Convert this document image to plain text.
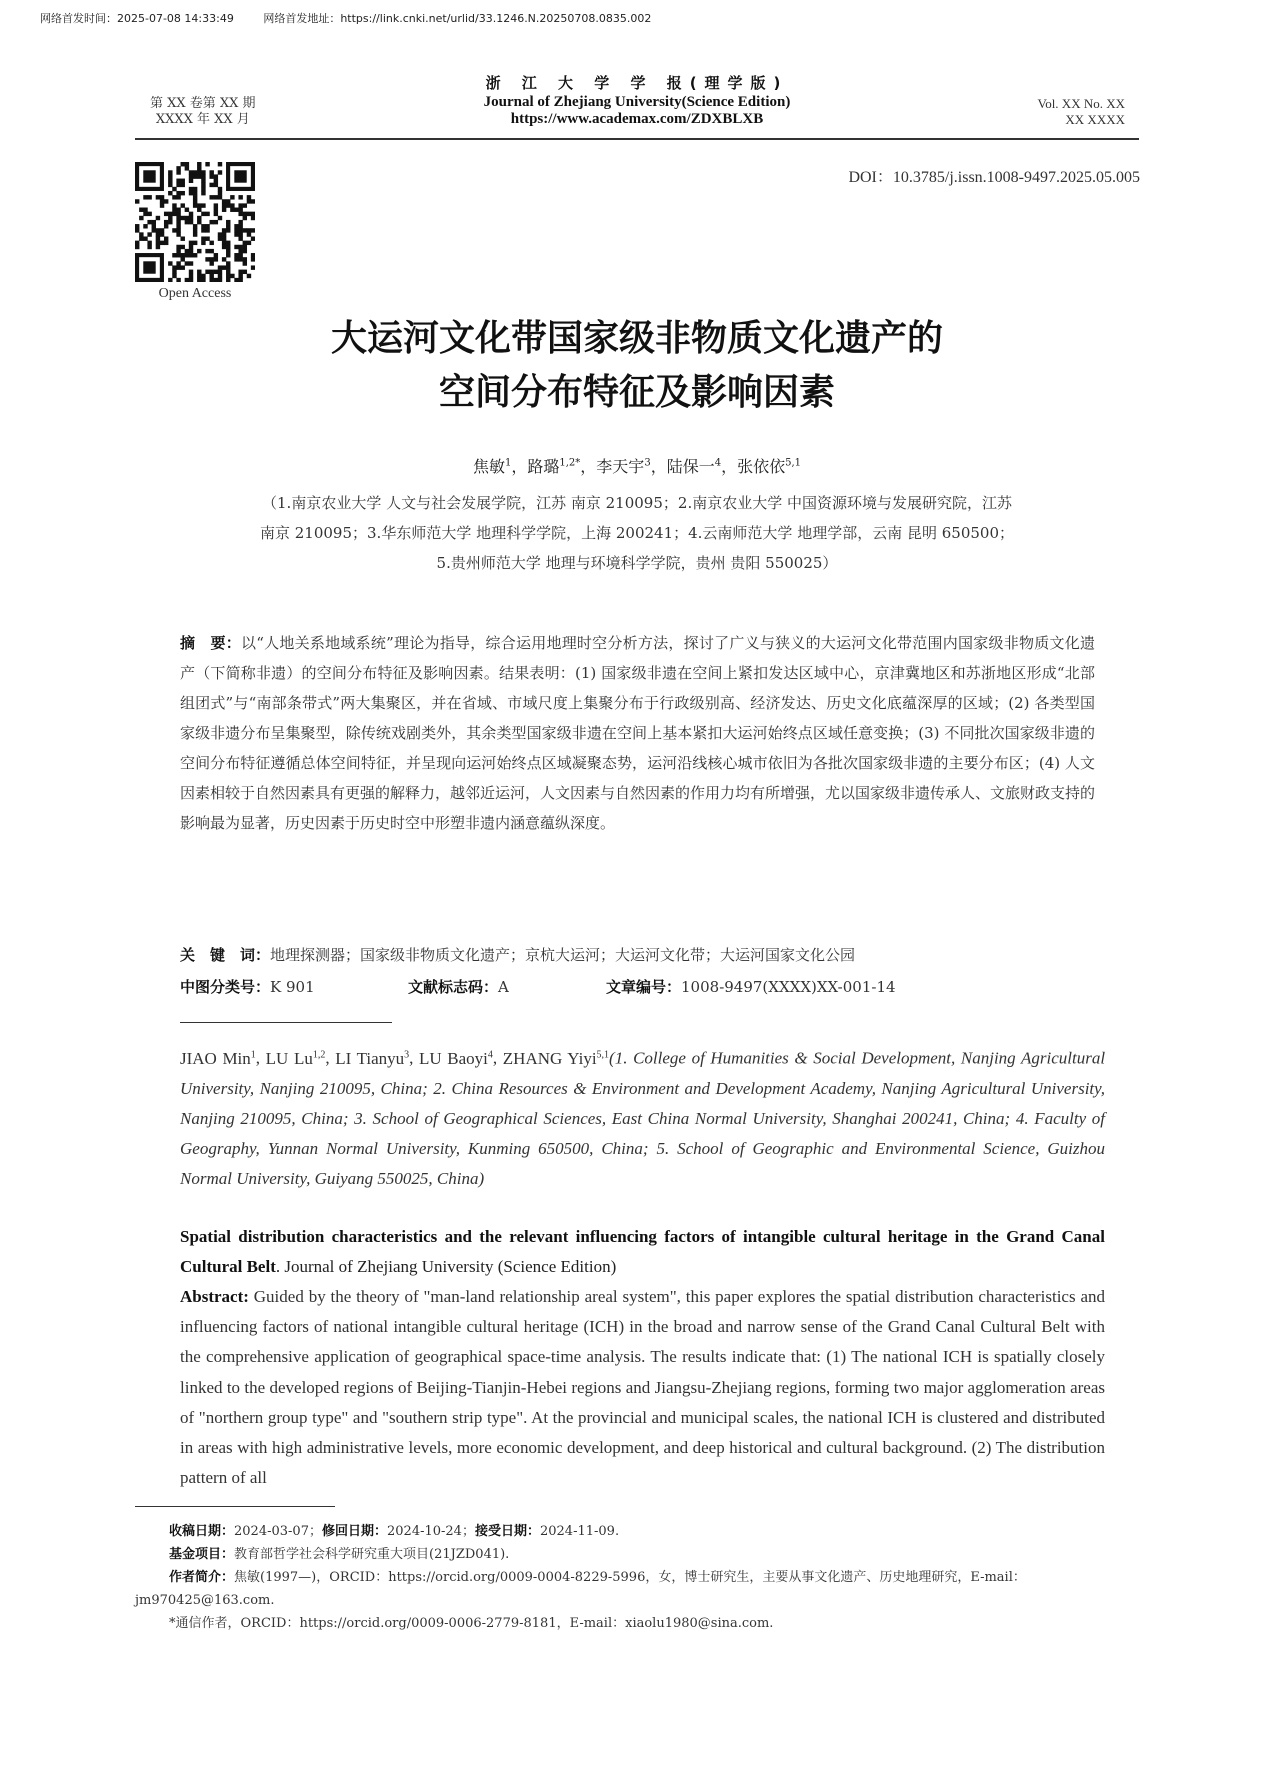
网络首发时间：2025-07-08 14:33:49	网络首发地址：https://link.cnki.net/urlid/33.1246.N.20250708.0835.002
第 XX 卷第 XX 期
XXXX 年 XX 月
浙 江 大 学 学 报(理学版)
Journal of Zhejiang University(Science Edition)
https://www.academax.com/ZDXBLXB
Vol. XX No. XX
XX XXXX
Open Access
DOI：10.3785/j.issn.1008-9497.2025.05.005
大运河文化带国家级非物质文化遗产的
空间分布特征及影响因素
焦敏$^1$，路璐$^{1,2*}$，李天宇$^3$，陆保一$^4$，张依依$^{5,1}$
（1.南京农业大学 人文与社会发展学院，江苏 南京 210095；2.南京农业大学 中国资源环境与发展研究院，江苏
南京 210095；3.华东师范大学 地理科学学院，上海 200241；4.云南师范大学 地理学部，云南 昆明 650500；
5.贵州师范大学 地理与环境科学学院，贵州 贵阳 550025）
摘　要：以“人地关系地域系统”理论为指导，综合运用地理时空分析方法，探讨了广义与狭义的大运河文化带范围内国家级非物质文化遗产（下简称非遗）的空间分布特征及影响因素。结果表明：(1) 国家级非遗在空间上紧扣发达区域中心，京津冀地区和苏浙地区形成“北部组团式”与“南部条带式”两大集聚区，并在省域、市域尺度上集聚分布于行政级别高、经济发达、历史文化底蕴深厚的区域；(2) 各类型国家级非遗分布呈集聚型，除传统戏剧类外，其余类型国家级非遗在空间上基本紧扣大运河始终点区域任意变换；(3) 不同批次国家级非遗的空间分布特征遵循总体空间特征，并呈现向运河始终点区域凝聚态势，运河沿线核心城市依旧为各批次国家级非遗的主要分布区；(4) 人文因素相较于自然因素具有更强的解释力，越邻近运河，人文因素与自然因素的作用力均有所增强，尤以国家级非遗传承人、文旅财政支持的影响最为显著，历史因素于历史时空中形塑非遗内涵意蕴纵深度。
关　键　词：地理探测器；国家级非物质文化遗产；京杭大运河；大运河文化带；大运河国家文化公园
中图分类号：K 901	文献标志码：A	文章编号：1008-9497(XXXX)XX-001-14
JIAO Min$^1$, LU Lu$^{1,2}$, LI Tianyu$^3$, LU Baoyi$^4$, ZHANG Yiyi$^{5,1}$(1. College of Humanities & Social Development, Nanjing Agricultural University, Nanjing 210095, China; 2. China Resources & Environment and Development Academy, Nanjing Agricultural University, Nanjing 210095, China; 3. School of Geographical Sciences, East China Normal University, Shanghai 200241, China; 4. Faculty of Geography, Yunnan Normal University, Kunming 650500, China; 5. School of Geographic and Environmental Science, Guizhou Normal University, Guiyang 550025, China)
Spatial distribution characteristics and the relevant influencing factors of intangible cultural heritage in the Grand Canal Cultural Belt. Journal of Zhejiang University (Science Edition)
Abstract: Guided by the theory of "man-land relationship areal system", this paper explores the spatial distribution characteristics and influencing factors of national intangible cultural heritage (ICH) in the broad and narrow sense of the Grand Canal Cultural Belt with the comprehensive application of geographical space-time analysis. The results indicate that: (1) The national ICH is spatially closely linked to the developed regions of Beijing-Tianjin-Hebei regions and Jiangsu-Zhejiang regions, forming two major agglomeration areas of "northern group type" and "southern strip type". At the provincial and municipal scales, the national ICH is clustered and distributed in areas with high administrative levels, more economic development, and deep historical and cultural background. (2) The distribution pattern of all
收稿日期：2024-03-07；修回日期：2024-10-24；接受日期：2024-11-09.
基金项目：教育部哲学社会科学研究重大项目(21JZD041).
作者简介：焦敏(1997—)，ORCID：https://orcid.org/0009-0004-8229-5996，女，博士研究生，主要从事文化遗产、历史地理研究，E-mail：
jm970425@163.com.
*通信作者，ORCID：https://orcid.org/0009-0006-2779-8181，E-mail：xiaolu1980@sina.com.
